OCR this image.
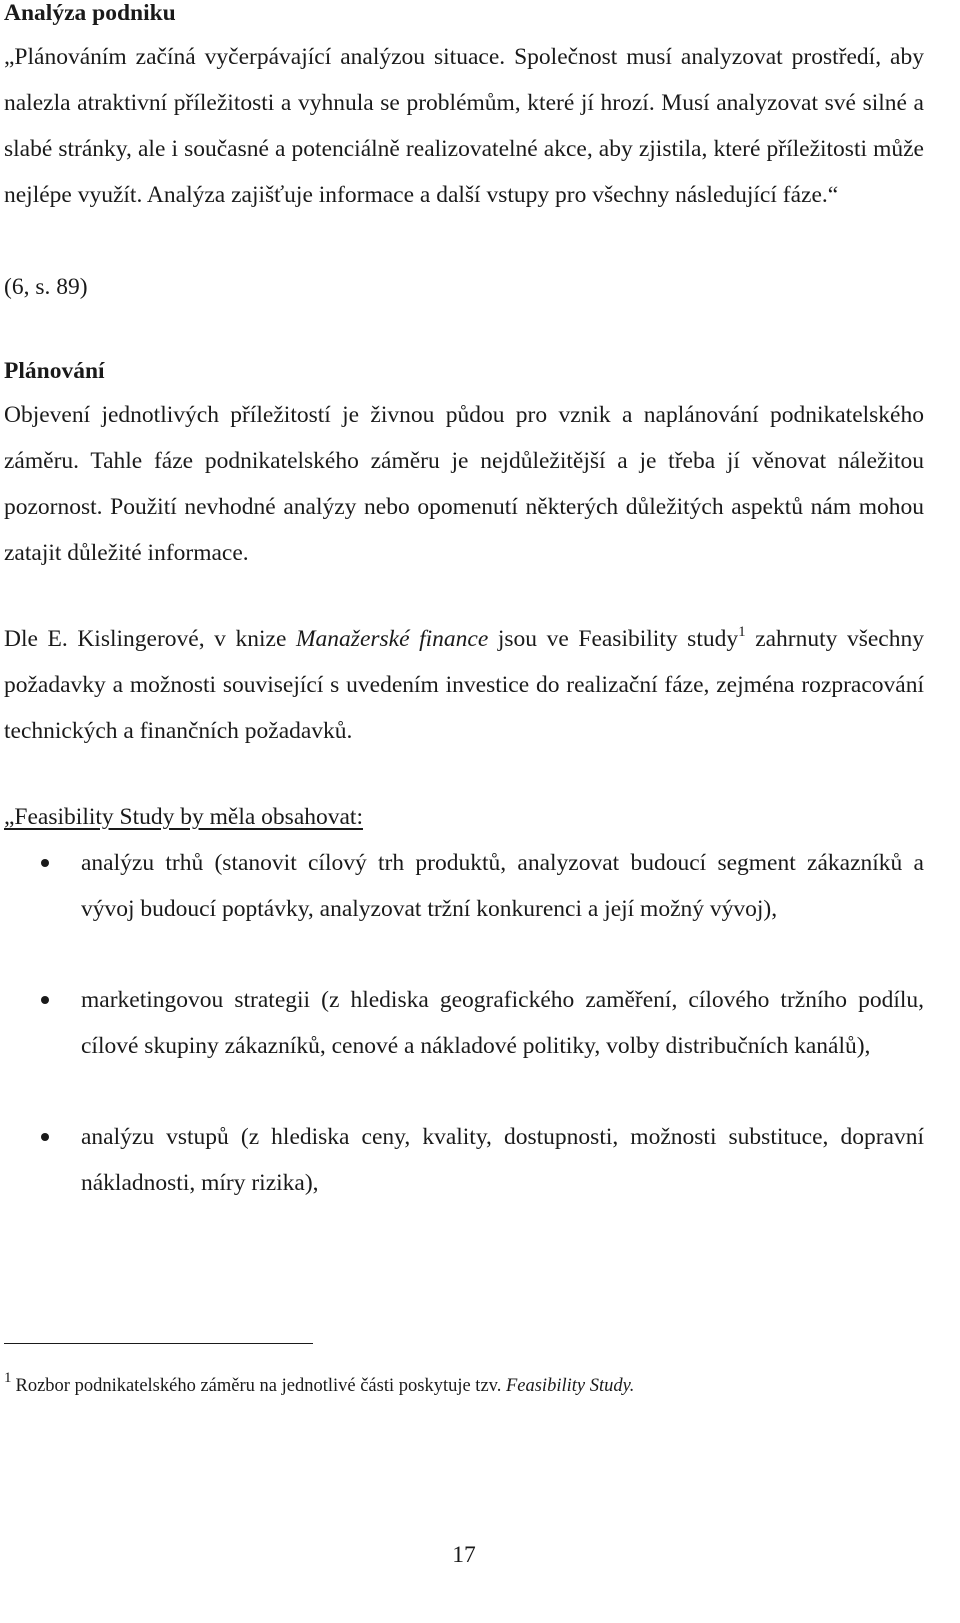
Analýza podniku

„Plánováním začíná vyčerpávající analýzou situace. Společnost musí analyzovat prostředí, aby nalezla atraktivní příležitosti a vyhnula se problémům, které jí hrozí. Musí analyzovat své silné a slabé stránky, ale i současné a potenciálně realizovatelné akce, aby zjistila, které příležitosti může nejlépe využít. Analýza zajišťuje informace a další vstupy pro všechny následující fáze.“

(6, s. 89)

Plánování

Objevení jednotlivých příležitostí je živnou půdou pro vznik a naplánování podnikatelského záměru. Tahle fáze podnikatelského záměru je nejdůležitější a je třeba jí věnovat náležitou pozornost. Použití nevhodné analýzy nebo opomenutí některých důležitých aspektů nám mohou zatajit důležité informace.

Dle E. Kislingerové, v knize Manažerské finance jsou ve Feasibility study$^1$ zahrnuty všechny požadavky a možnosti související s uvedením investice do realizační fáze, zejména rozpracování technických a finančních požadavků.

„Feasibility Study by měla obsahovat:

analýzu trhů (stanovit cílový trh produktů, analyzovat budoucí segment zákazníků a vývoj budoucí poptávky, analyzovat tržní konkurenci a její možný vývoj),
marketingovou strategii (z hlediska geografického zaměření, cílového tržního podílu, cílové skupiny zákazníků, cenové a nákladové politiky, volby distribučních kanálů),
analýzu vstupů (z hlediska ceny, kvality, dostupnosti, možnosti substituce, dopravní nákladnosti, míry rizika),

$^1$ Rozbor podnikatelského záměru na jednotlivé části poskytuje tzv. Feasibility Study.

17
